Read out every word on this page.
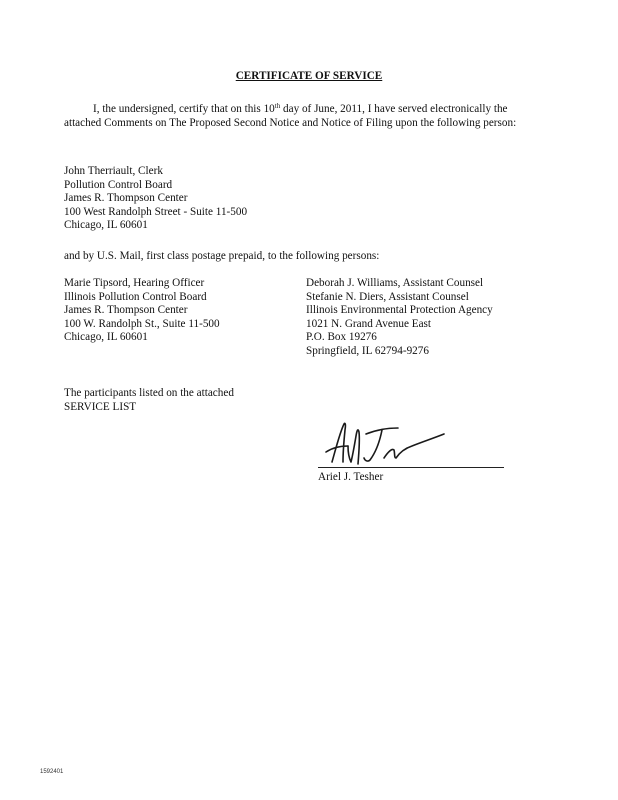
CERTIFICATE OF SERVICE
I, the undersigned, certify that on this 10th day of June, 2011, I have served electronically the attached Comments on The Proposed Second Notice and Notice of Filing upon the following person:
John Therriault, Clerk
Pollution Control Board
James R. Thompson Center
100 West Randolph Street - Suite 11-500
Chicago, IL 60601
and by U.S. Mail, first class postage prepaid, to the following persons:
Marie Tipsord, Hearing Officer
Illinois Pollution Control Board
James R. Thompson Center
100 W. Randolph St., Suite 11-500
Chicago, IL 60601
Deborah J. Williams, Assistant Counsel
Stefanie N. Diers, Assistant Counsel
Illinois Environmental Protection Agency
1021 N. Grand Avenue East
P.O. Box 19276
Springfield, IL 62794-9276
The participants listed on the attached
SERVICE LIST
Ariel J. Tesher
1592401
